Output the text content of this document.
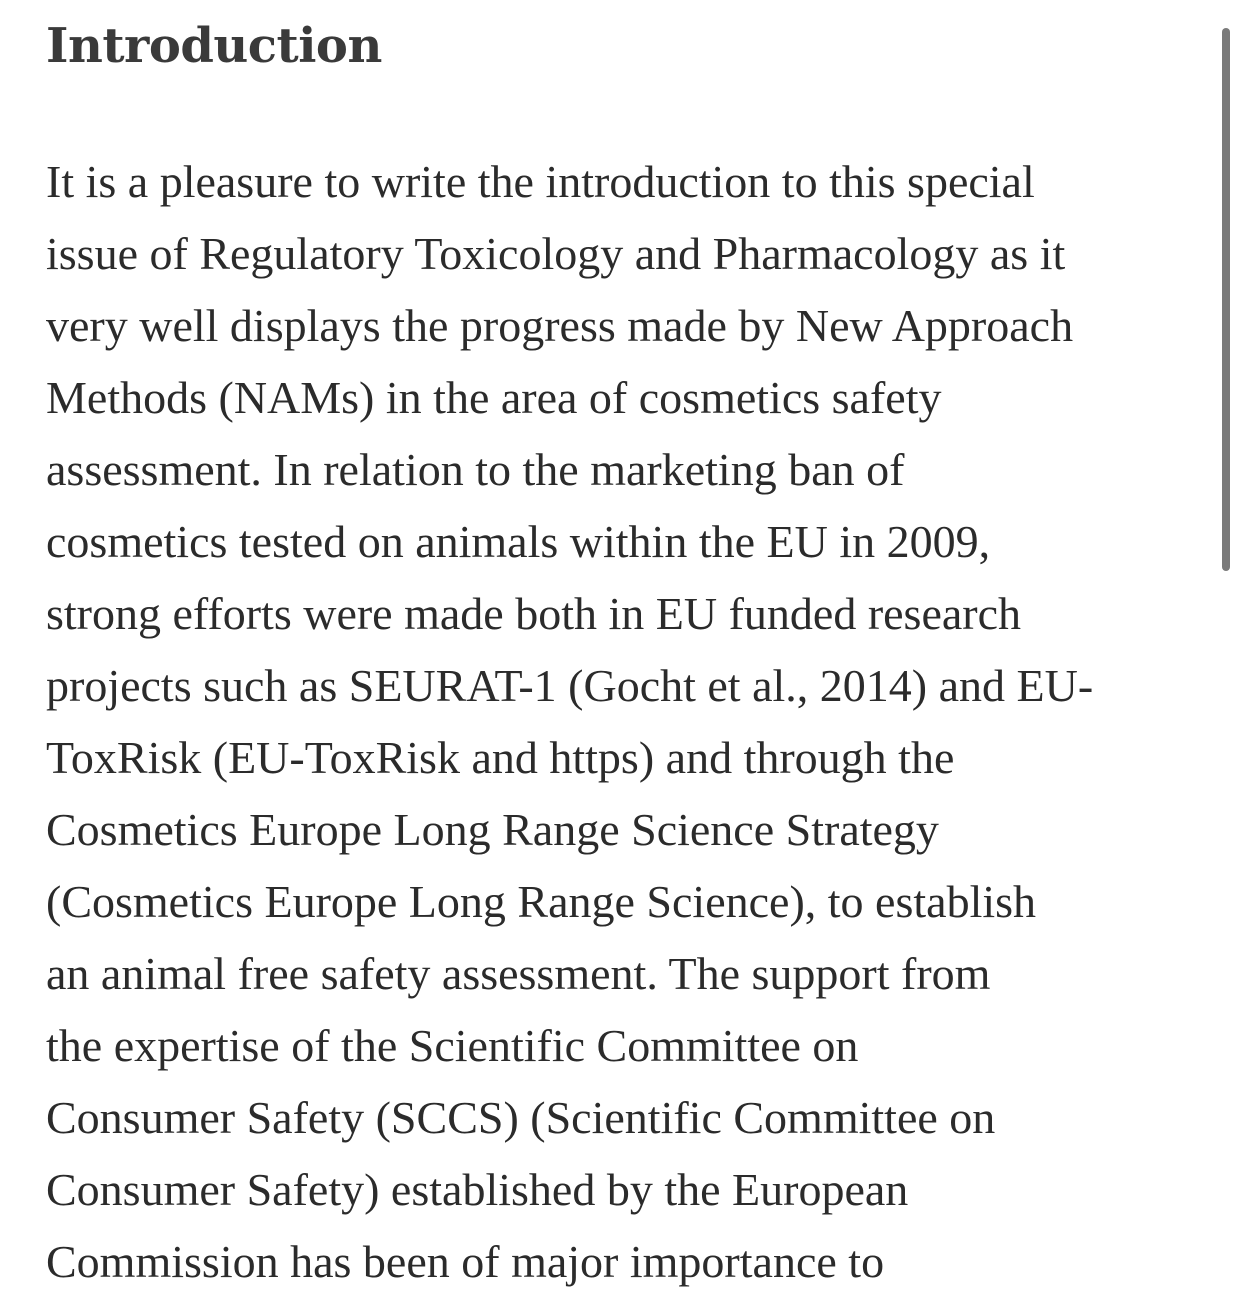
Introduction
It is a pleasure to write the introduction to this special
issue of Regulatory Toxicology and Pharmacology as it
very well displays the progress made by New Approach
Methods (NAMs) in the area of cosmetics safety
assessment. In relation to the marketing ban of
cosmetics tested on animals within the EU in 2009,
strong efforts were made both in EU funded research
projects such as SEURAT-1 (Gocht et al., 2014) and EU-
ToxRisk (EU-ToxRisk and https) and through the
Cosmetics Europe Long Range Science Strategy
(Cosmetics Europe Long Range Science), to establish
an animal free safety assessment. The support from
the expertise of the Scientific Committee on
Consumer Safety (SCCS) (Scientific Committee on
Consumer Safety) established by the European
Commission has been of major importance to
